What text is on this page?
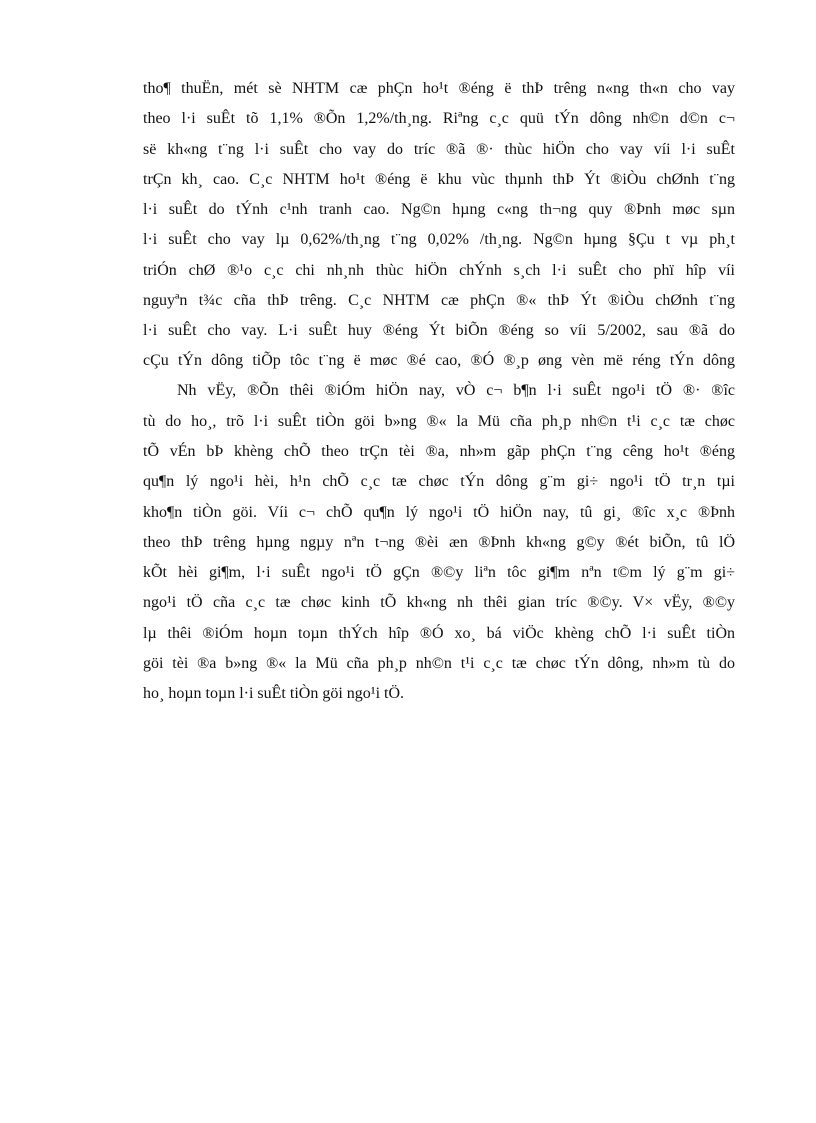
tho¶ thuËn, mét sè NHTM cæ phÇn ho¹t ®éng ë thÞ trêng n«ng th«n cho vay
theo l·i suÊt tõ 1,1% ®Õn 1,2%/th¸ng. Riªng c¸c quü tÝn dông nh©n d©n c¬
së kh«ng t¨ng l·i suÊt cho vay do tríc ®ã ®· thùc hiÖn cho vay víi l·i suÊt
trÇn kh¸ cao. C¸c NHTM ho¹t ®éng ë khu vùc thµnh thÞ Ýt ®iÒu chØnh t¨ng
l·i suÊt do tÝnh c¹nh tranh cao. Ng©n hµng c«ng th¬ng quy ®Þnh møc sµn
l·i suÊt cho vay lµ 0,62%/th¸ng t¨ng 0,02% /th¸ng. Ng©n hµng §Çu t vµ ph¸t
triÓn chØ ®¹o c¸c chi nh¸nh thùc hiÖn chÝnh s¸ch l·i suÊt cho phï hîp víi
nguyªn t¾c cña thÞ trêng. C¸c NHTM cæ phÇn ®« thÞ Ýt ®iÒu chØnh t¨ng
l·i suÊt cho vay. L·i suÊt huy ®éng Ýt biÕn ®éng so víi 5/2002, sau ®ã do
cÇu tÝn dông tiÕp tôc t¨ng ë møc ®é cao, ®Ó ®¸p øng vèn më réng tÝn dông
Nh vËy, ®Õn thêi ®iÓm hiÖn nay, vÒ c¬ b¶n l·i suÊt ngo¹i tÖ ®· ®îc
tù do ho¸, trõ l·i suÊt tiÒn göi b»ng ®« la Mü cña ph¸p nh©n t¹i c¸c tæ chøc
tÕ vÉn bÞ khèng chÕ theo trÇn tèi ®a, nh»m gãp phÇn t¨ng cêng ho¹t ®éng
qu¶n lý ngo¹i hèi, h¹n chÕ c¸c tæ chøc tÝn dông g¨m gi÷ ngo¹i tÖ tr¸n tµi
kho¶n tiÒn göi. Víi c¬ chÕ qu¶n lý ngo¹i tÖ hiÖn nay, tû gi¸ ®îc x¸c ®Þnh
theo thÞ trêng hµng ngµy nªn t¬ng ®èi æn ®Þnh kh«ng g©y ®ét biÕn, tû lÖ
kÕt hèi gi¶m, l·i suÊt ngo¹i tÖ gÇn ®©y liªn tôc gi¶m nªn t©m lý g¨m gi÷
ngo¹i tÖ cña c¸c tæ chøc kinh tÕ kh«ng nh thêi gian tríc ®©y. V× vËy, ®©y
lµ thêi ®iÓm hoµn toµn thÝch hîp ®Ó xo¸ bá viÖc khèng chÕ l·i suÊt tiÒn
göi tèi ®a b»ng ®« la Mü cña ph¸p nh©n t¹i c¸c tæ chøc tÝn dông, nh»m tù do
ho¸ hoµn toµn l·i suÊt tiÒn göi ngo¹i tÖ.
